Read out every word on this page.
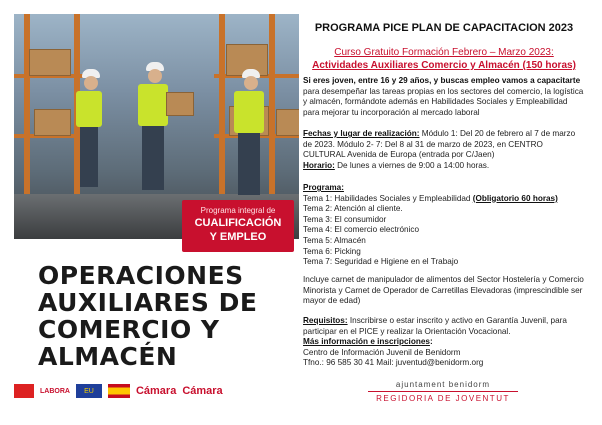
Programa integral de
CUALIFICACIÓN
Y EMPLEO
OPERACIONES
AUXILIARES DE
COMERCIO Y
ALMACÉN
LABORA	EU	Cámara Cámara
PROGRAMA PICE PLAN DE CAPACITACION 2023
Curso Gratuito Formación Febrero – Marzo 2023:
Actividades Auxiliares Comercio y Almacén (150 horas)
Si eres joven, entre 16 y 29 años, y buscas empleo vamos a capacitarte para desempeñar las tareas propias en los sectores del comercio, la logística y almacén, formándote además en Habilidades Sociales y Empleabilidad para mejorar tu incorporación al mercado laboral
Fechas y lugar de realización: Módulo 1: Del 20 de febrero al 7 de marzo de 2023. Módulo 2- 7: Del 8 al 31 de marzo de 2023, en CENTRO CULTURAL Avenida de Europa (entrada por C/Jaen)
Horario: De lunes a viernes de 9:00 a 14:00 horas.
Programa:
Tema 1: Habilidades Sociales y Empleabilidad (Obligatorio 60 horas)
Tema 2: Atención al cliente.
Tema 3: El consumidor
Tema 4: El comercio electrónico
Tema 5: Almacén
Tema 6: Picking
Tema 7: Seguridad e Higiene en el Trabajo
Incluye carnet de manipulador de alimentos del Sector Hostelería y Comercio Minorista y Carnet de Operador de Carretillas Elevadoras (imprescindible ser mayor de edad)
Requisitos: Inscribirse o estar inscrito y activo en Garantía Juvenil, para participar en el PICE y realizar la Orientación Vocacional.
Más información e inscripciones:
Centro de Información Juvenil de Benidorm
Tfno.: 96 585 30 41 Mail: juventud@benidorm.org
ajuntament benidorm
REGIDORIA DE JOVENTUT
